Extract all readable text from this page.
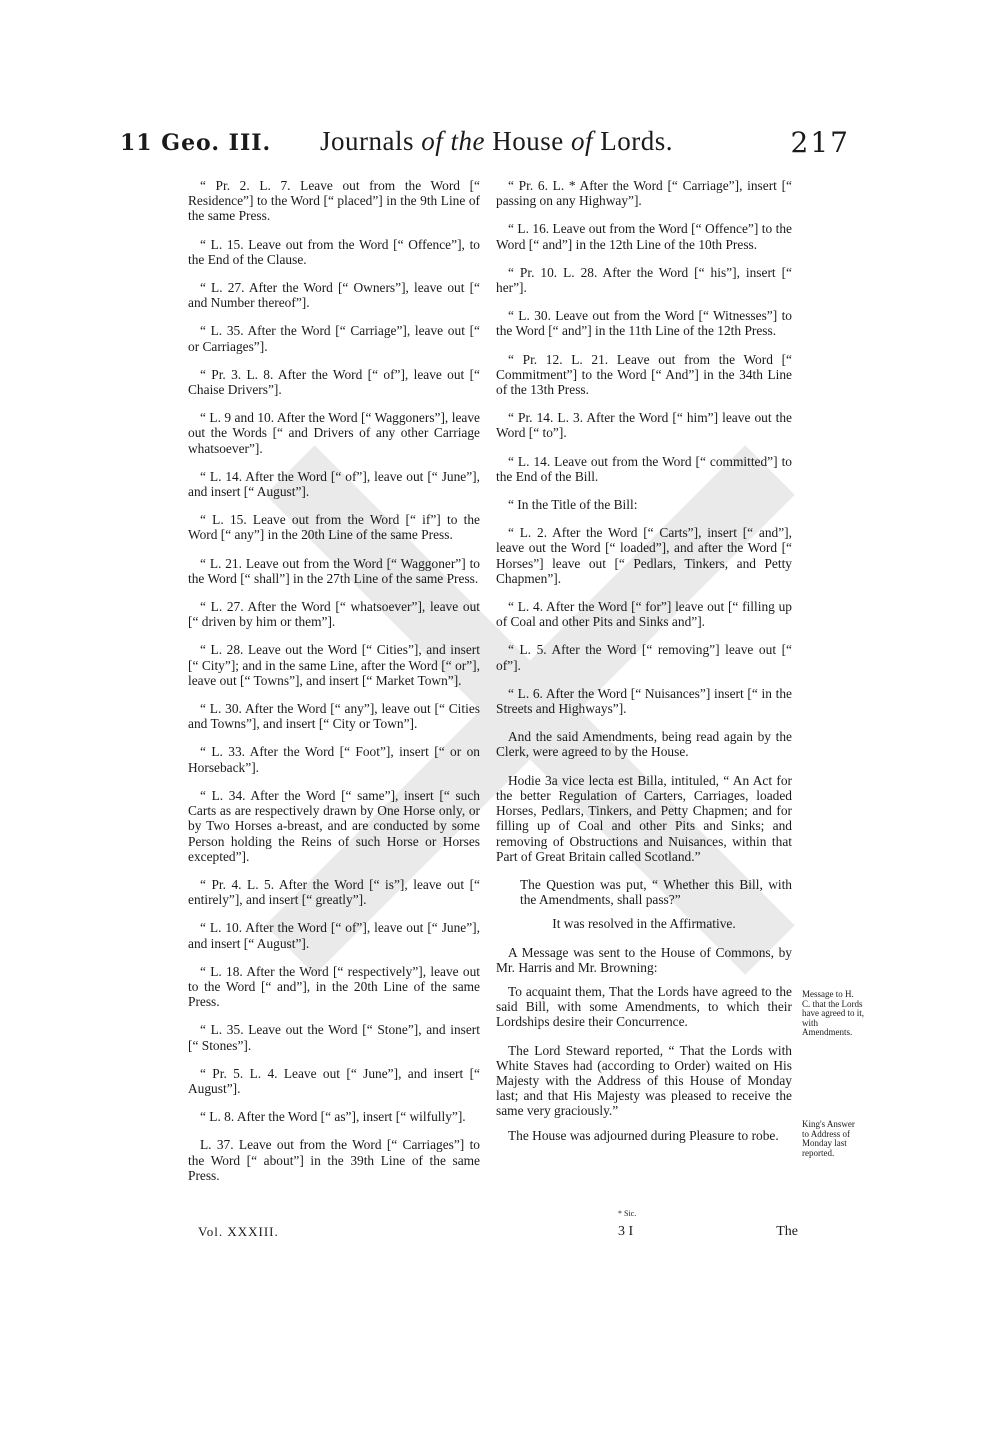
11 Geo. III. Journals of the House of Lords.	217

“ Pr. 2. L. 7. Leave out from the Word [“ Residence”] to the Word [“ placed”] in the 9th Line of the same Press.

“ L. 15. Leave out from the Word [“ Offence”], to the End of the Clause.

“ L. 27. After the Word [“ Owners”], leave out [“ and Number thereof”].

“ L. 35. After the Word [“ Carriage”], leave out [“ or Carriages”].

“ Pr. 3. L. 8. After the Word [“ of”], leave out [“ Chaise Drivers”].

“ L. 9 and 10. After the Word [“ Waggoners”], leave out the Words [“ and Drivers of any other Carriage whatsoever”].

“ L. 14. After the Word [“ of”], leave out [“ June”], and insert [“ August”].

“ L. 15. Leave out from the Word [“ if”] to the Word [“ any”] in the 20th Line of the same Press.

“ L. 21. Leave out from the Word [“ Waggoner”] to the Word [“ shall”] in the 27th Line of the same Press.

“ L. 27. After the Word [“ whatsoever”], leave out [“ driven by him or them”].

“ L. 28. Leave out the Word [“ Cities”], and insert [“ City”]; and in the same Line, after the Word [“ or”], leave out [“ Towns”], and insert [“ Market Town”].

“ L. 30. After the Word [“ any”], leave out [“ Cities and Towns”], and insert [“ City or Town”].

“ L. 33. After the Word [“ Foot”], insert [“ or on Horseback”].

“ L. 34. After the Word [“ same”], insert [“ such Carts as are respectively drawn by One Horse only, or by Two Horses a-breast, and are conducted by some Person holding the Reins of such Horse or Horses excepted”].

“ Pr. 4. L. 5. After the Word [“ is”], leave out [“ entirely”], and insert [“ greatly”].

“ L. 10. After the Word [“ of”], leave out [“ June”], and insert [“ August”].

“ L. 18. After the Word [“ respectively”], leave out to the Word [“ and”], in the 20th Line of the same Press.

“ L. 35. Leave out the Word [“ Stone”], and insert [“ Stones”].

“ Pr. 5. L. 4. Leave out [“ June”], and insert [“ August”].

“ L. 8. After the Word [“ as”], insert [“ wilfully”].

L. 37. Leave out from the Word [“ Carriages”] to the Word [“ about”] in the 39th Line of the same Press.

“ Pr. 6. L. * After the Word [“ Carriage”], insert [“ passing on any Highway”].

“ L. 16. Leave out from the Word [“ Offence”] to the Word [“ and”] in the 12th Line of the 10th Press.

“ Pr. 10. L. 28. After the Word [“ his”], insert [“ her”].

“ L. 30. Leave out from the Word [“ Witnesses”] to the Word [“ and”] in the 11th Line of the 12th Press.

“ Pr. 12. L. 21. Leave out from the Word [“ Commitment”] to the Word [“ And”] in the 34th Line of the 13th Press.

“ Pr. 14. L. 3. After the Word [“ him”] leave out the Word [“ to”].

“ L. 14. Leave out from the Word [“ committed”] to the End of the Bill.

“ In the Title of the Bill:

“ L. 2. After the Word [“ Carts”], insert [“ and”], leave out the Word [“ loaded”], and after the Word [“ Horses”] leave out [“ Pedlars, Tinkers, and Petty Chapmen”].

“ L. 4. After the Word [“ for”] leave out [“ filling up of Coal and other Pits and Sinks and”].

“ L. 5. After the Word [“ removing”] leave out [“ of”].

“ L. 6. After the Word [“ Nuisances”] insert [“ in the Streets and Highways”].

And the said Amendments, being read again by the Clerk, were agreed to by the House.

Hodie 3a vice lecta est Billa, intituled, “ An Act for the better Regulation of Carters, Carriages, loaded Horses, Pedlars, Tinkers, and Petty Chapmen; and for filling up of Coal and other Pits and Sinks; and removing of Obstructions and Nuisances, within that Part of Great Britain called Scotland.”

The Question was put, “ Whether this Bill, with the Amendments, shall pass?”

It was resolved in the Affirmative.

A Message was sent to the House of Commons, by Mr. Harris and Mr. Browning:

To acquaint them, That the Lords have agreed to the said Bill, with some Amendments, to which their Lordships desire their Concurrence.

The Lord Steward reported, “ That the Lords with White Staves had (according to Order) waited on His Majesty with the Address of this House of Monday last; and that His Majesty was pleased to receive the same very graciously.”

The House was adjourned during Pleasure to robe.

Message to H. C. that the Lords have agreed to it, with Amendments.
King's Answer to Address of Monday last reported.
Vol. XXXIII.
* Sic.
3 I	The
